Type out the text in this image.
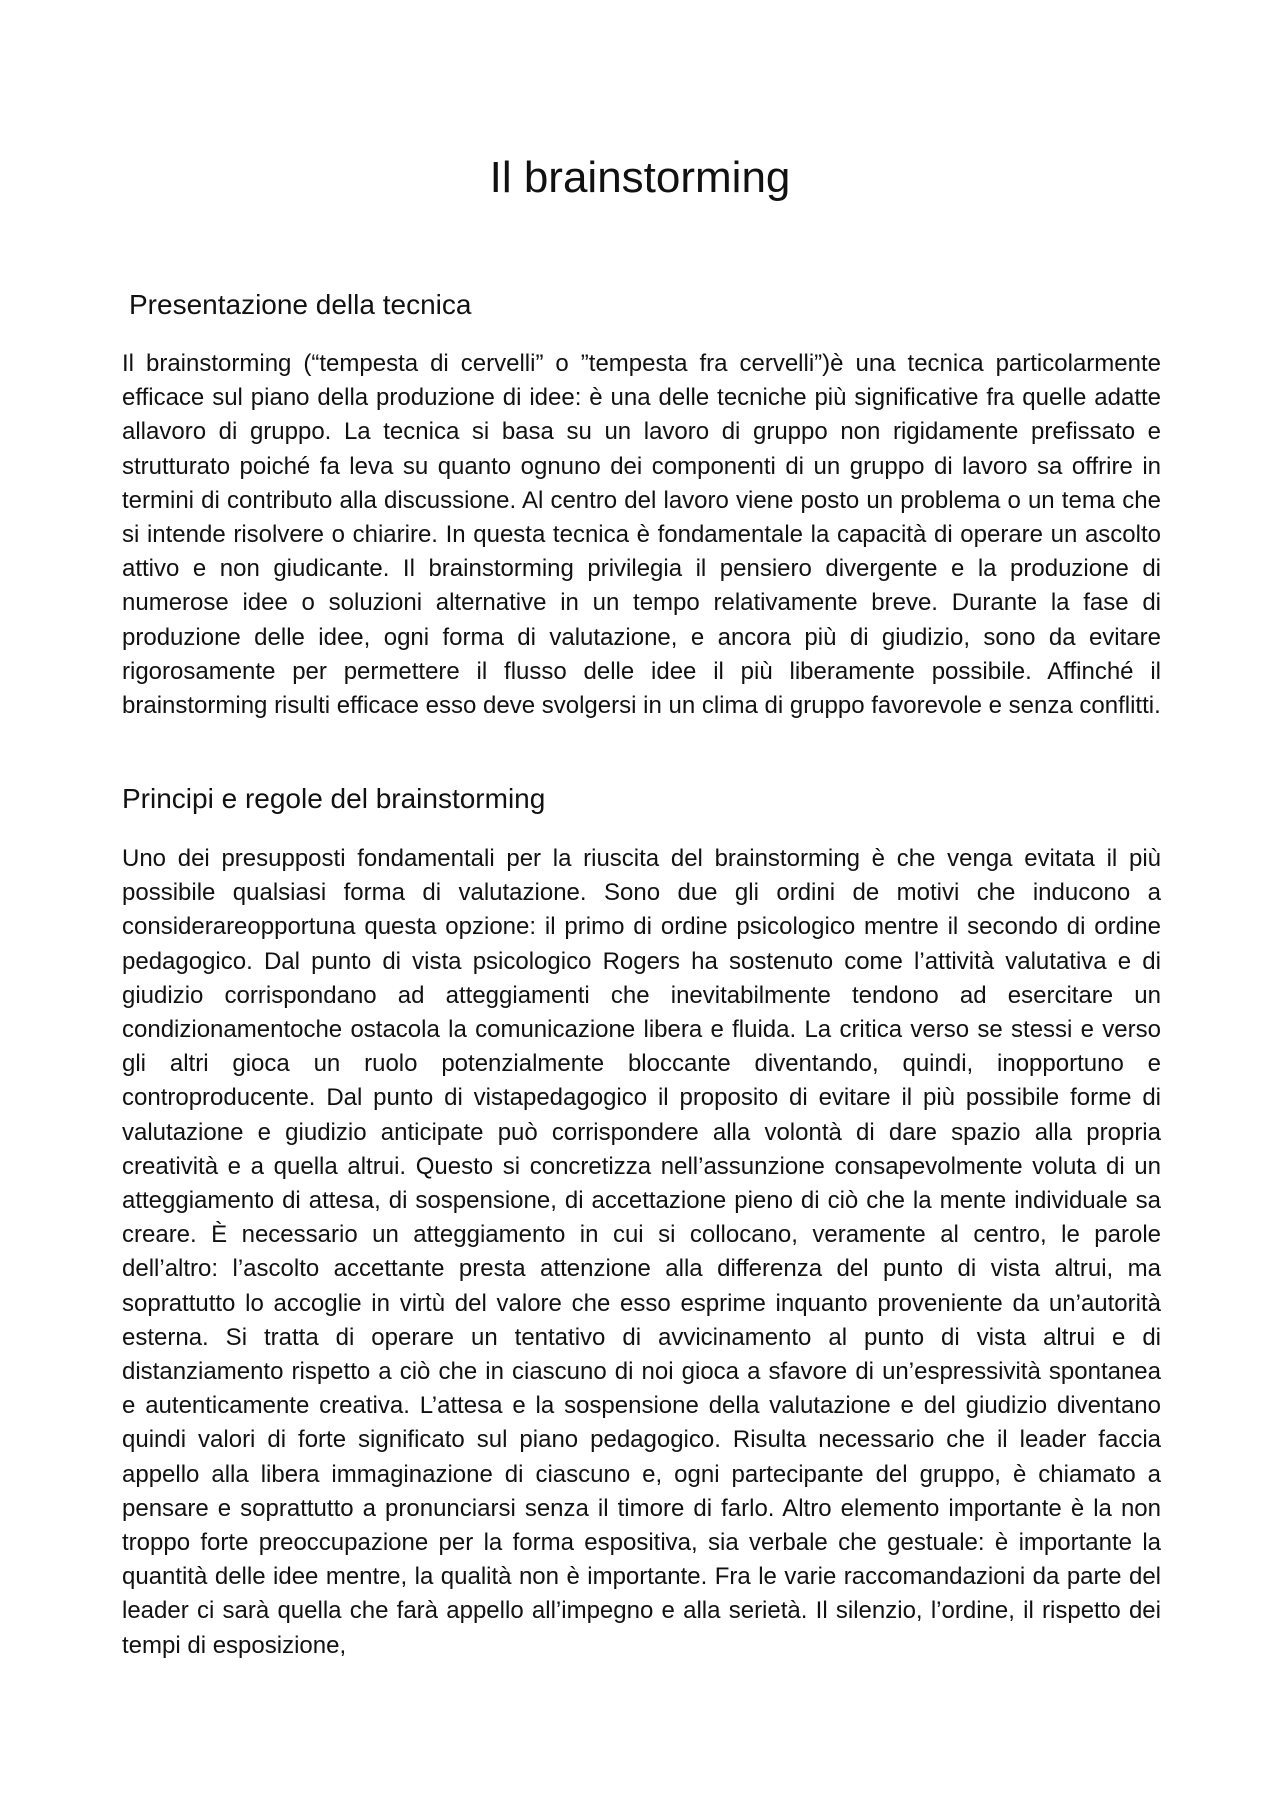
Il brainstorming
Presentazione della tecnica

Il brainstorming (“tempesta di cervelli” o ”tempesta fra cervelli”)è una tecnica particolarmente efficace sul piano della produzione di idee: è una delle tecniche più significative fra quelle adatte allavoro di gruppo. La tecnica si basa su un lavoro di gruppo non rigidamente prefissato e strutturato poiché fa leva su quanto ognuno dei componenti di un gruppo di lavoro sa offrire in termini di contributo alla discussione. Al centro del lavoro viene posto un problema o un tema che si intende risolvere o chiarire. In questa tecnica è fondamentale la capacità di operare un ascolto attivo e non giudicante. Il brainstorming privilegia il pensiero divergente e la produzione di numerose idee o soluzioni alternative in un tempo relativamente breve. Durante la fase di produzione delle idee, ogni forma di valutazione, e ancora più di giudizio, sono da evitare rigorosamente per permettere il flusso delle idee il più liberamente possibile. Affinché il brainstorming risulti efficace esso deve svolgersi in un clima di gruppo favorevole e senza conflitti.

Principi e regole del brainstorming

Uno dei presupposti fondamentali per la riuscita del brainstorming è che venga evitata il più possibile qualsiasi forma di valutazione. Sono due gli ordini de motivi che inducono a considerareopportuna questa opzione: il primo di ordine psicologico mentre il secondo di ordine pedagogico. Dal punto di vista psicologico Rogers ha sostenuto come l’attività valutativa e di giudizio corrispondano ad atteggiamenti che inevitabilmente tendono ad esercitare un condizionamentoche ostacola la comunicazione libera e fluida. La critica verso se stessi e verso gli altri gioca un ruolo potenzialmente bloccante diventando, quindi, inopportuno e controproducente. Dal punto di vistapedagogico il proposito di evitare il più possibile forme di valutazione e giudizio anticipate può corrispondere alla volontà di dare spazio alla propria creatività e a quella altrui. Questo si concretizza nell’assunzione consapevolmente voluta di un atteggiamento di attesa, di sospensione, di accettazione pieno di ciò che la mente individuale sa creare. È necessario un atteggiamento in cui si collocano, veramente al centro, le parole dell’altro: l’ascolto accettante presta attenzione alla differenza del punto di vista altrui, ma soprattutto lo accoglie in virtù del valore che esso esprime inquanto proveniente da un’autorità esterna. Si tratta di operare un tentativo di avvicinamento al punto di vista altrui e di distanziamento rispetto a ciò che in ciascuno di noi gioca a sfavore di un’espressività spontanea e autenticamente creativa. L’attesa e la sospensione della valutazione e del giudizio diventano quindi valori di forte significato sul piano pedagogico. Risulta necessario che il leader faccia appello alla libera immaginazione di ciascuno e, ogni partecipante del gruppo, è chiamato a pensare e soprattutto a pronunciarsi senza il timore di farlo. Altro elemento importante è la non troppo forte preoccupazione per la forma espositiva, sia verbale che gestuale: è importante la quantità delle idee mentre, la qualità non è importante. Fra le varie raccomandazioni da parte del leader ci sarà quella che farà appello all’impegno e alla serietà. Il silenzio, l’ordine, il rispetto dei tempi di esposizione,
